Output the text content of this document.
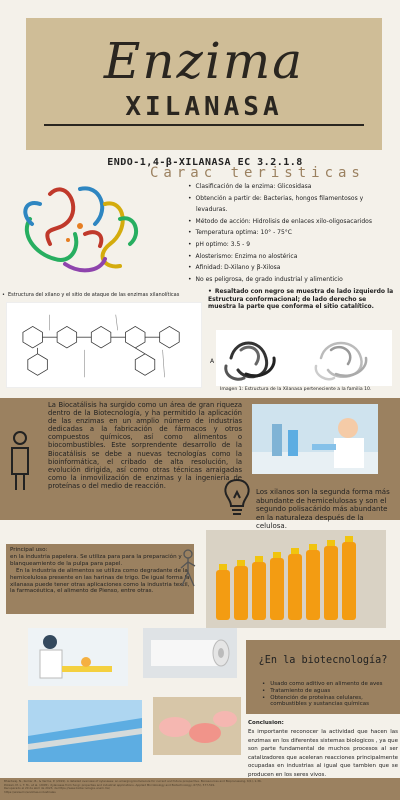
Enzima
XILANASA
ENDO-1,4-β-XILANASA EC 3.2.1.8
Carac teristicas
• Clasificación de la enzima: Glicosidasa
• Obtención a partir de: Bacterias, hongos filamentosos y
levaduras.
• Método de acción: Hidrolisis de enlaces xilo-oligosacaridos
• Temperatura optima: 10° - 75°C
• pH optimo: 3.5 - 9
• Alosterismo: Enzima no alostérica
• Afinidad: D-Xilano y β-Xilosa
• No es peligrosa, de grado industrial y alimenticio
• Resaltado con negro se muestra de lado izquierdo la Estructura conformacional; de lado derecho se muestra la parte que conforma el sitio catalítico.
• Estructura del xilano y el sitio de ataque de las enzimas xilanolíticas
A
Imagen 1: Estructura de la Xilanasa perteneciente a la familia 10.
La Biocatálisis ha surgido como un área de gran riqueza dentro de la Biotecnología, y ha permitido la aplicación de las enzimas en un amplio número de industrias dedicadas a la fabricación de fármacos y otros compuestos químicos, así como alimentos o biocombustibles. Este sorprendente desarrollo de la Biocatálisis se debe a nuevas tecnologías como la bioinformática, el cribado de alta resolución, la evolución dirigida, así como otras técnicas arraigadas como la inmovilización de enzimas y la ingeniería de proteínas o del medio de reacción.
Los xilanos son la segunda forma más abundante de hemicelulosas y son el segundo polisacárido más abundante en la naturaleza después de la celulosa.

Principal uso:
en la industria papelera. Se utiliza para para la preparación y blanqueamiento de la pulpa para papel.

En la industria de alimentos se utiliza como degradante de la hemicelulosa presente en las harinas de trigo. De igual forma la xilanasa puede tener otras aplicaciones como la industria textil, la farmacéutica, el alimento de Pienso, entre otras.

¿En la biotecnología?
• Usado como aditivo en alimento de aves
• Tratamiento de aguas
• Obtención de proteínas celulares, combustibles y sustancias químicas
Conclusion:
Es importante reconocer la actividad que hacen las enzimas en los diferentes sistemas biologicos , ya que son parte fundamental de muchos procesos al ser catalizadores que aceleran reacciones principalmente ocupadas en industrias al igual que tambien que se producen en los seres vivos.
Bhardwaj, N., Kumar, B., & Verma, P. (2019). A detailed overview of xylanases: an emerging biomolecule for current and future prospective. Bioresources and Bioprocessing, 6(1), 1-36.
Polizeli, M. L. T. M., et al. (2005). Xylanases from fungi: properties and industrial applications. Applied Microbiology and Biotechnology, 67(5), 577-591.
Recuperado el 20 de abril de 2023, de https://www.biotecnologia.unam.mx/
https://www.mx/enzimas-industriales
